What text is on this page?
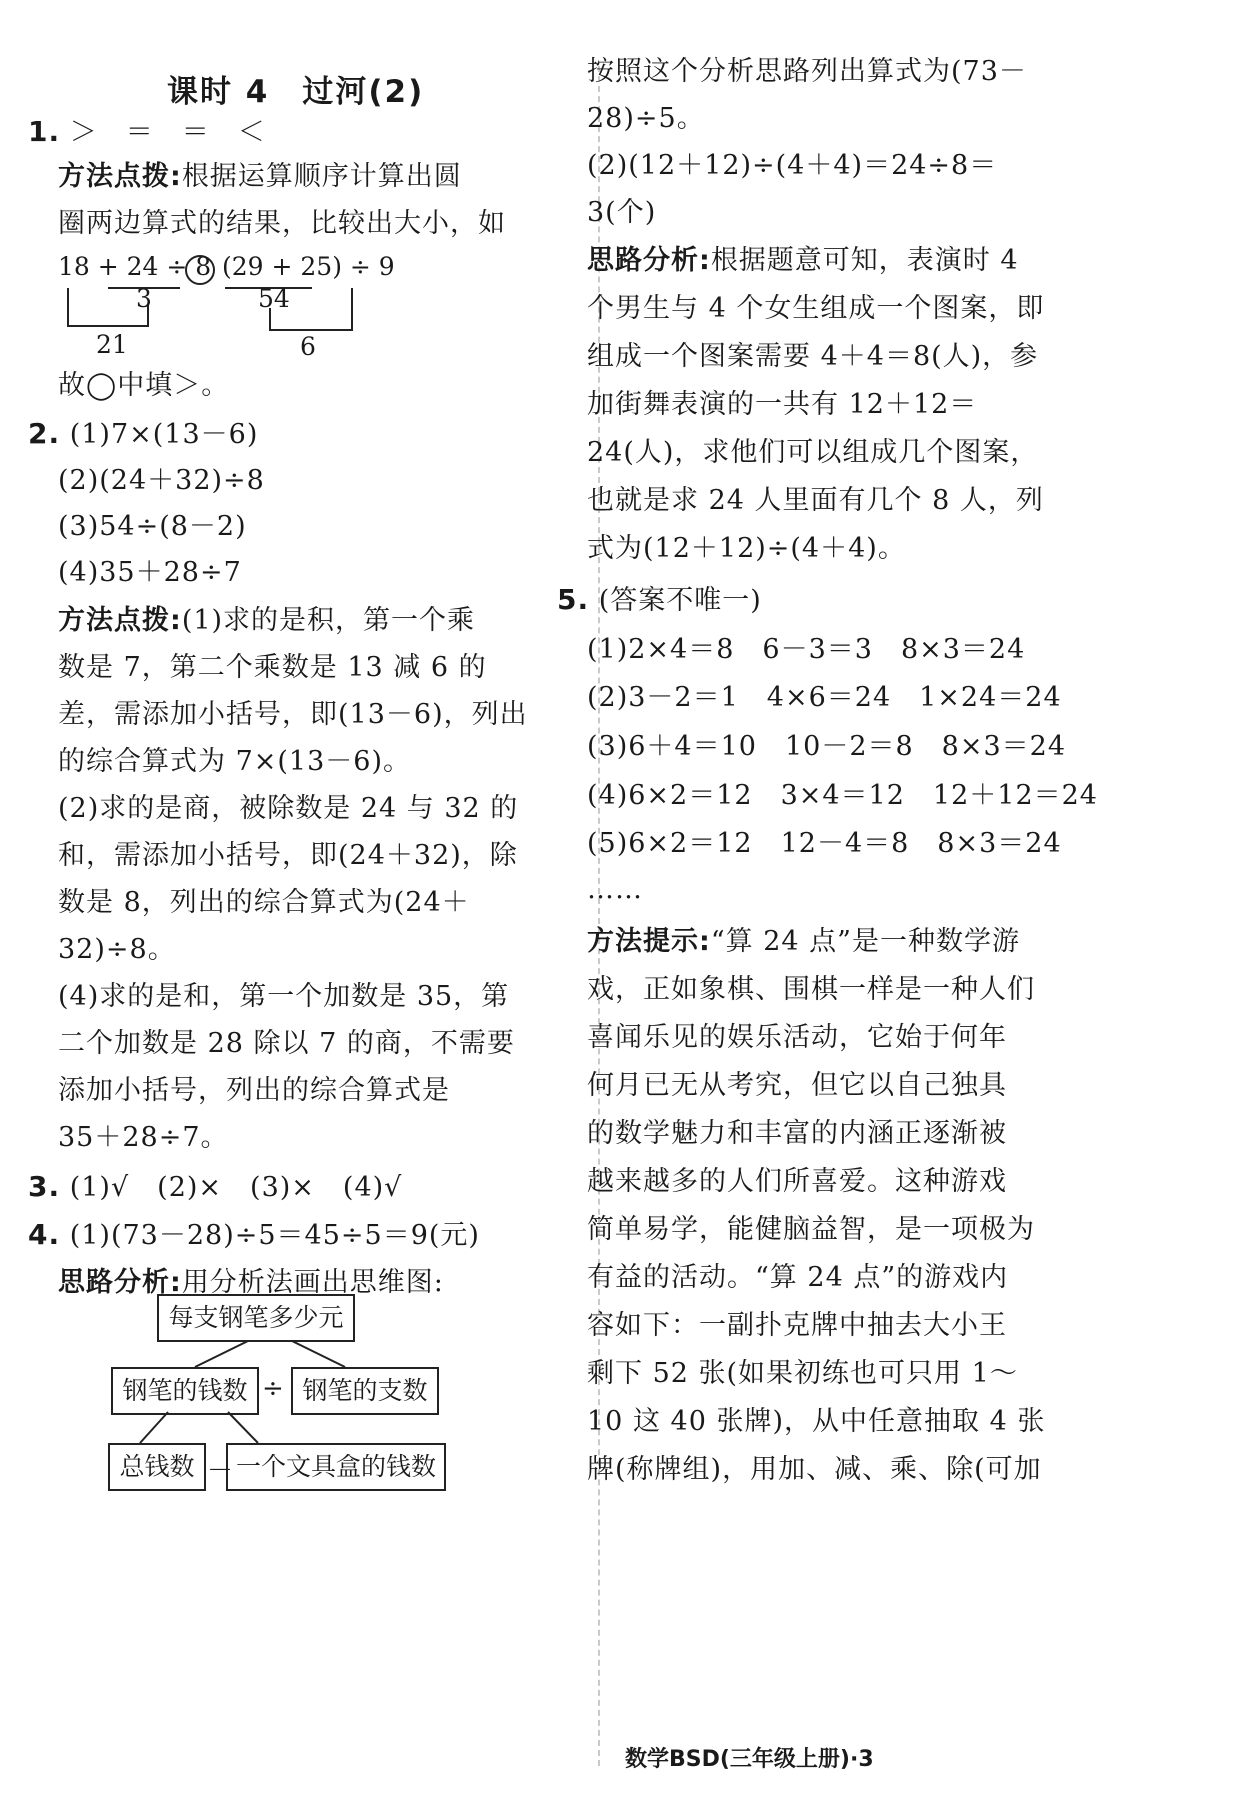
课时 4　过河(2)
1. ＞　＝　＝　＜
方法点拨:根据运算顺序计算出圆
圈两边算式的结果，比较出大小，如
18 + 24 ÷ 8 (29 + 25) ÷ 9
3	54
21	6
故◯中填＞。
2. (1)7×(13－6)
(2)(24＋32)÷8
(3)54÷(8－2)
(4)35＋28÷7
方法点拨:(1)求的是积，第一个乘
数是 7，第二个乘数是 13 减 6 的
差，需添加小括号，即(13－6)，列出
的综合算式为 7×(13－6)。
(2)求的是商，被除数是 24 与 32 的
和，需添加小括号，即(24＋32)，除
数是 8，列出的综合算式为(24＋
32)÷8。
(4)求的是和，第一个加数是 35，第
二个加数是 28 除以 7 的商，不需要
添加小括号，列出的综合算式是
35＋28÷7。
3. (1)√　(2)×　(3)×　(4)√
4. (1)(73－28)÷5＝45÷5＝9(元)
思路分析:用分析法画出思维图:
每支钢笔多少元
钢笔的钱数 ÷ 钢笔的支数
总钱数 － 一个文具盒的钱数
按照这个分析思路列出算式为(73－
28)÷5。
(2)(12＋12)÷(4＋4)＝24÷8＝
3(个)
思路分析:根据题意可知，表演时 4
个男生与 4 个女生组成一个图案，即
组成一个图案需要 4＋4＝8(人)，参
加街舞表演的一共有 12＋12＝
24(人)，求他们可以组成几个图案，
也就是求 24 人里面有几个 8 人，列
式为(12＋12)÷(4＋4)。
5. (答案不唯一)
(1)2×4＝8　6－3＝3　8×3＝24
(2)3－2＝1　4×6＝24　1×24＝24
(3)6＋4＝10　10－2＝8　8×3＝24
(4)6×2＝12　3×4＝12　12＋12＝24
(5)6×2＝12　12－4＝8　8×3＝24
……
方法提示:“算 24 点”是一种数学游
戏，正如象棋、围棋一样是一种人们
喜闻乐见的娱乐活动，它始于何年
何月已无从考究，但它以自己独具
的数学魅力和丰富的内涵正逐渐被
越来越多的人们所喜爱。这种游戏
简单易学，能健脑益智，是一项极为
有益的活动。“算 24 点”的游戏内
容如下：一副扑克牌中抽去大小王
剩下 52 张(如果初练也可只用 1～
10 这 40 张牌)，从中任意抽取 4 张
牌(称牌组)，用加、减、乘、除(可加
数学BSD(三年级上册)·3
